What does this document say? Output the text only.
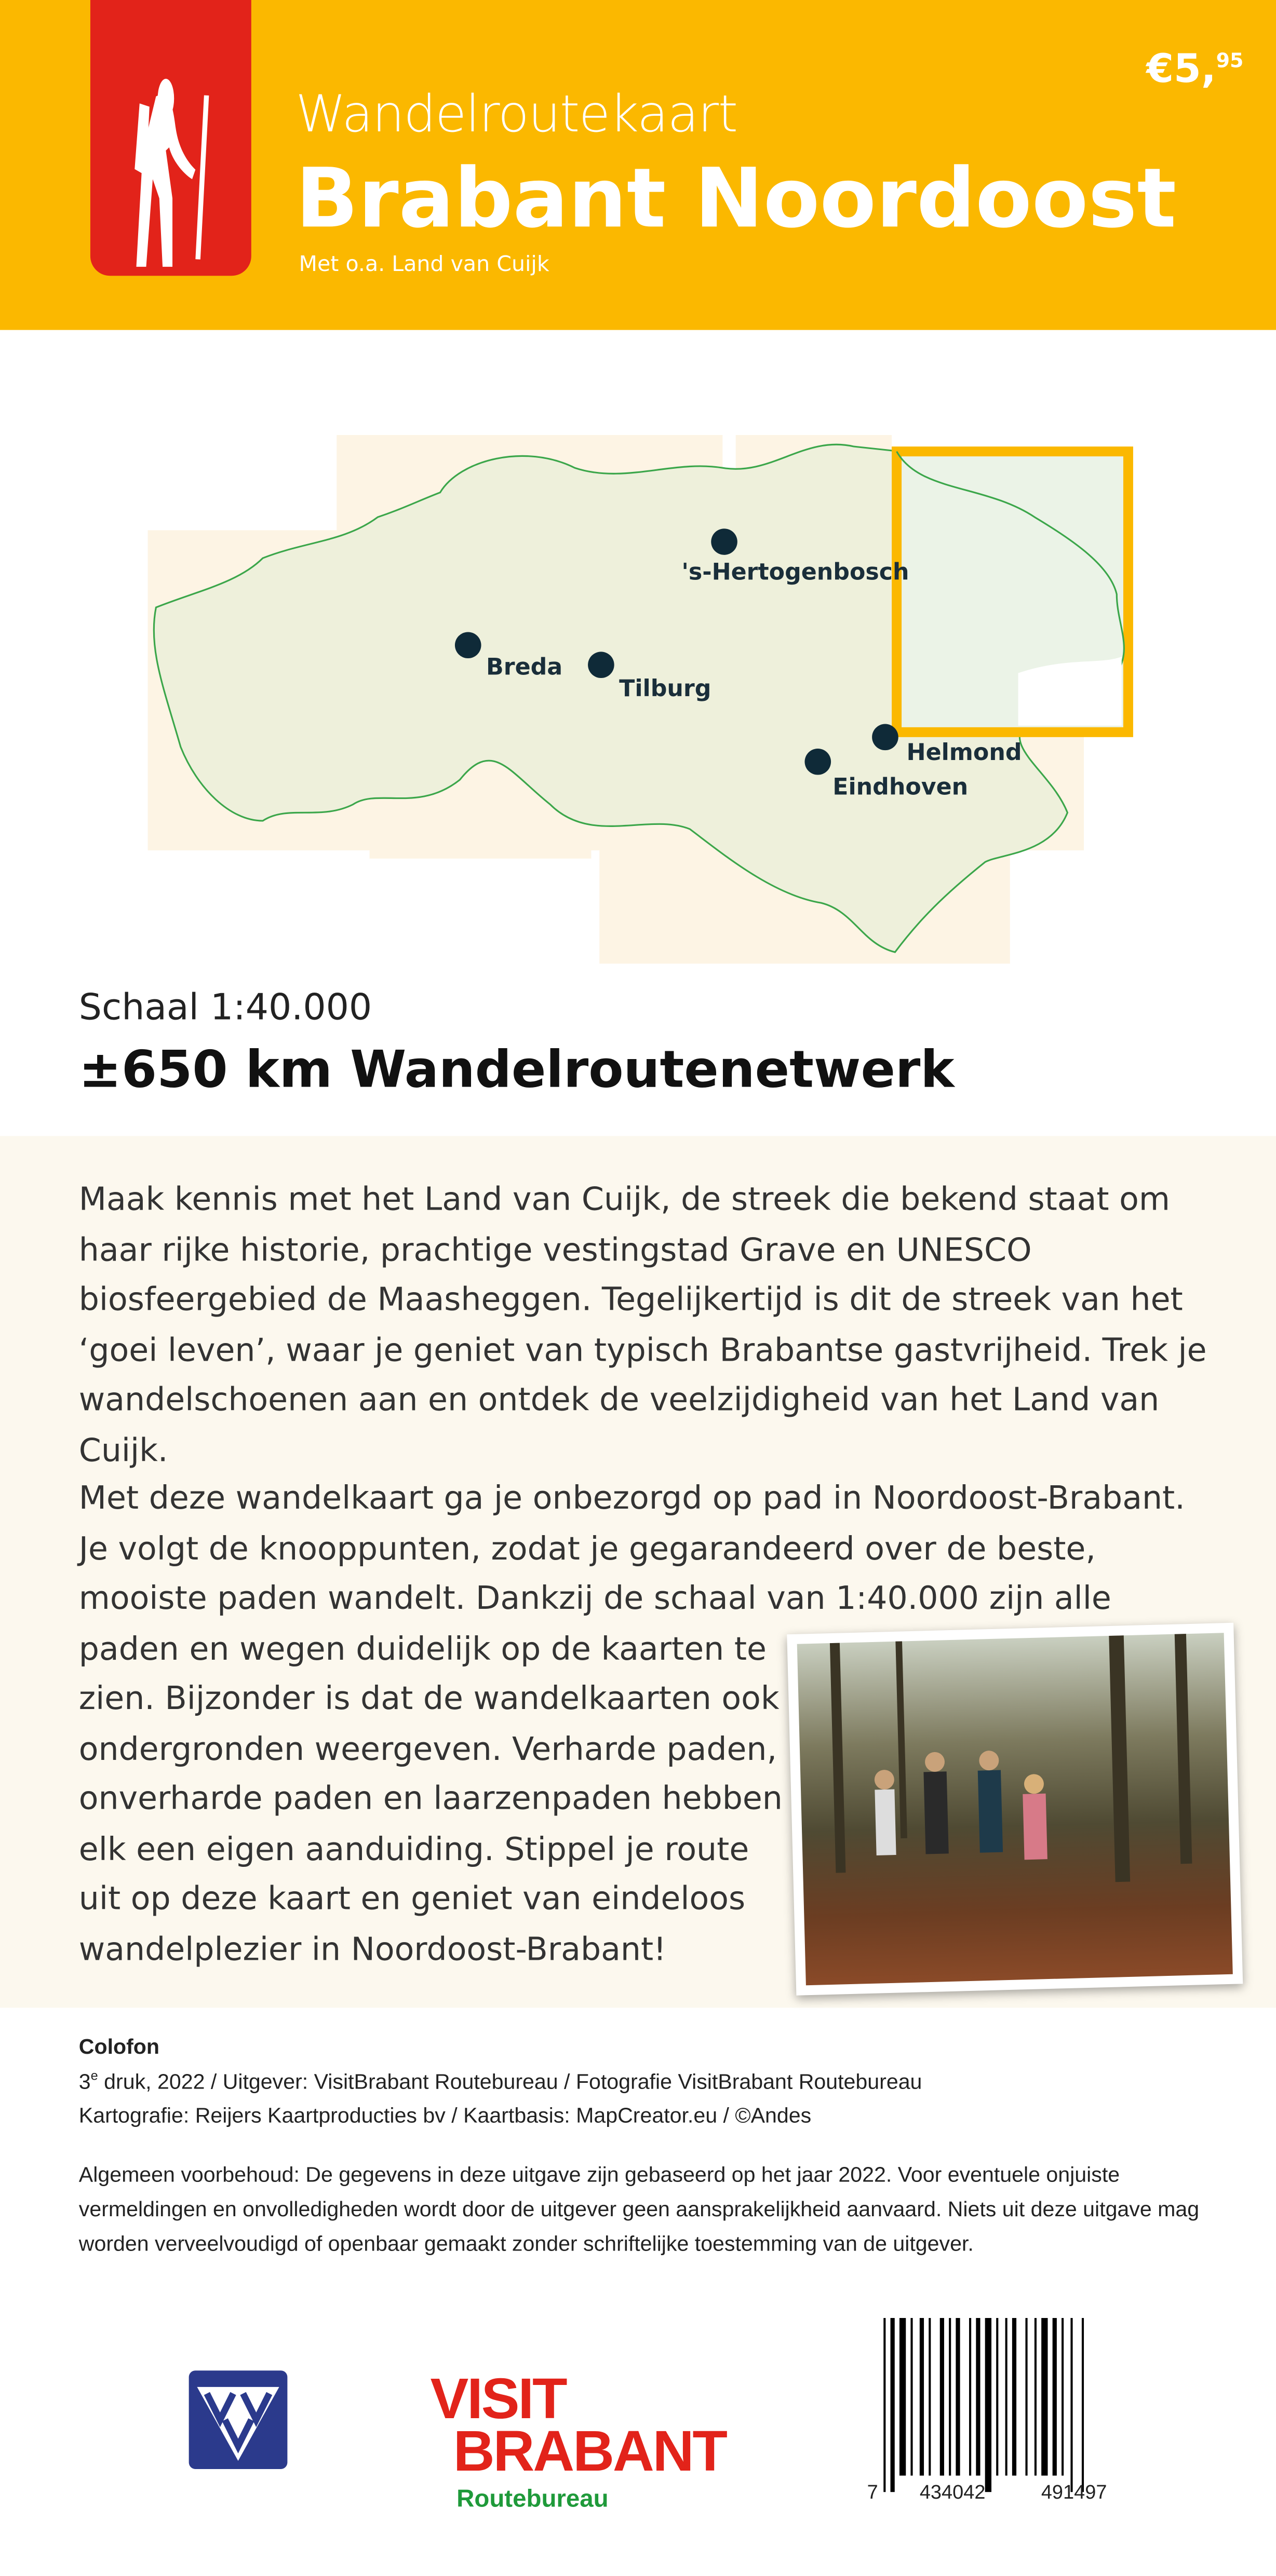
Wandelroutekaart
Brabant Noordoost
Met o.a. Land van Cuijk
€5,95
's-Hertogenbosch
Breda
Tilburg
Helmond
Eindhoven
Schaal 1:40.000
±650 km Wandelroutenetwerk
Maak kennis met het Land van Cuijk, de streek die bekend staat om haar rijke historie, prachtige vestingstad Grave en UNESCO biosfeergebied de Maasheggen. Tegelijkertijd is dit de streek van het ‘goei leven’, waar je geniet van typisch Brabantse gastvrijheid. Trek je wandelschoenen aan en ontdek de veelzijdigheid van het Land van Cuijk.
Met deze wandelkaart ga je onbezorgd op pad in Noordoost-Brabant.
Je volgt de knooppunten, zodat je gegarandeerd over de beste,
mooiste paden wandelt. Dankzij de schaal van 1:40.000 zijn alle
paden en wegen duidelijk op de kaarten te
zien. Bijzonder is dat de wandelkaarten ook
ondergronden weergeven. Verharde paden,
onverharde paden en laarzenpaden hebben
elk een eigen aanduiding. Stippel je route
uit op deze kaart en geniet van eindeloos
wandelplezier in Noordoost-Brabant!
Colofon
3e druk, 2022 / Uitgever: VisitBrabant Routebureau / Fotografie VisitBrabant Routebureau
Kartografie: Reijers Kaartproducties bv / Kaartbasis: MapCreator.eu / ©Andes
Algemeen voorbehoud: De gegevens in deze uitgave zijn gebaseerd op het jaar 2022. Voor eventuele onjuiste vermeldingen en onvolledigheden wordt door de uitgever geen aansprakelijkheid aanvaard. Niets uit deze uitgave mag worden verveelvoudigd of openbaar gemaakt zonder schriftelijke toestemming van de uitgever.
VISIT
BRABANT
Routebureau	7	434042	491497
